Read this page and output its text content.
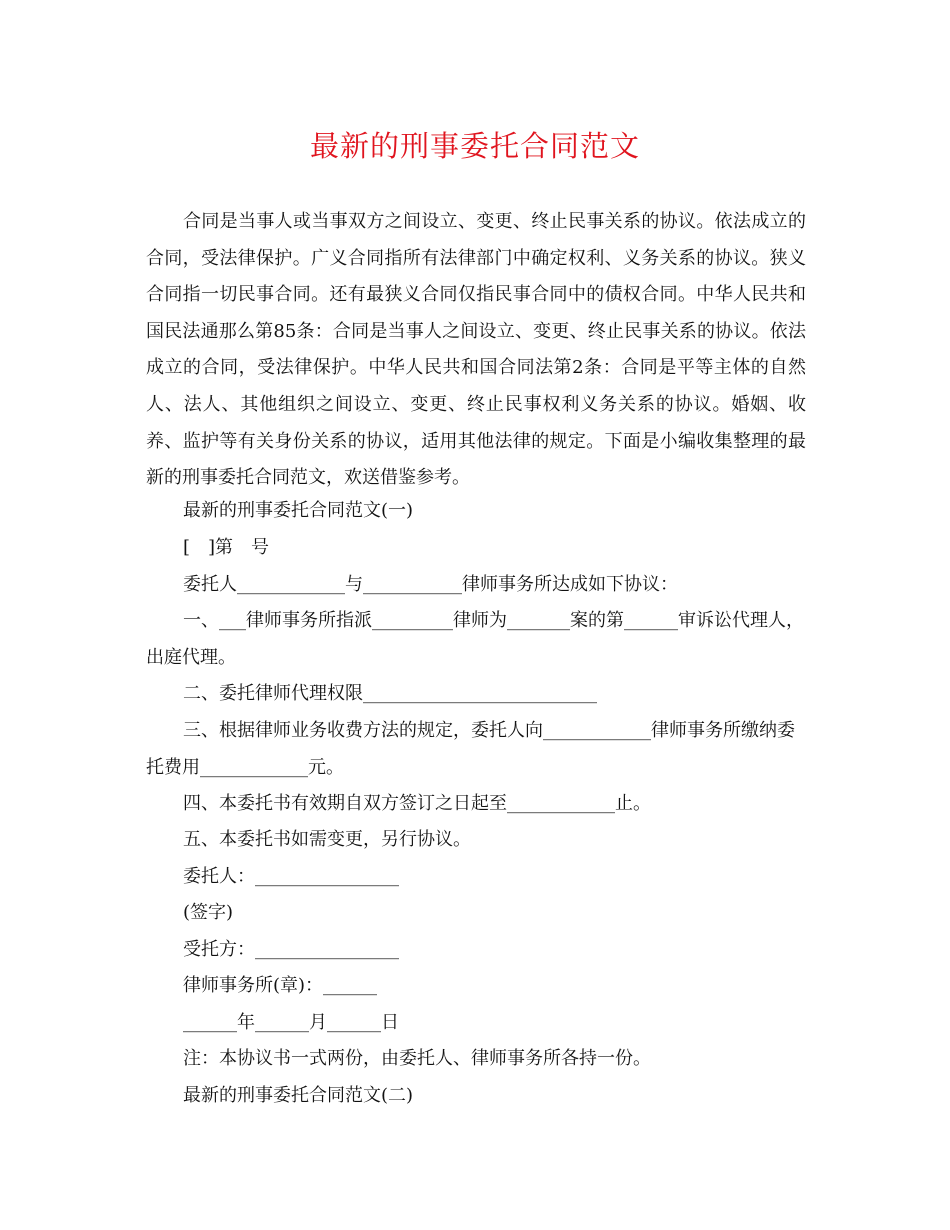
最新的刑事委托合同范文

合同是当事人或当事双方之间设立、变更、终止民事关系的协议。依法成立的合同，受法律保护。广义合同指所有法律部门中确定权利、义务关系的协议。狭义合同指一切民事合同。还有最狭义合同仅指民事合同中的债权合同。中华人民共和国民法通那么第85条：合同是当事人之间设立、变更、终止民事关系的协议。依法成立的合同，受法律保护。中华人民共和国合同法第2条：合同是平等主体的自然人、法人、其他组织之间设立、变更、终止民事权利义务关系的协议。婚姻、收养、监护等有关身份关系的协议，适用其他法律的规定。下面是小编收集整理的最新的刑事委托合同范文，欢送借鉴参考。

最新的刑事委托合同范文(一)

[　]第　号

委托人____________与___________律师事务所达成如下协议：

一、___律师事务所指派_________律师为_______案的第______审诉讼代理人，出庭代理。

二、委托律师代理权限__________________________

三、根据律师业务收费方法的规定，委托人向____________律师事务所缴纳委托费用____________元。

四、本委托书有效期自双方签订之日起至____________止。

五、本委托书如需变更，另行协议。

委托人：________________

(签字)

受托方：________________

律师事务所(章)：______

______年______月______日

注：本协议书一式两份，由委托人、律师事务所各持一份。

最新的刑事委托合同范文(二)
